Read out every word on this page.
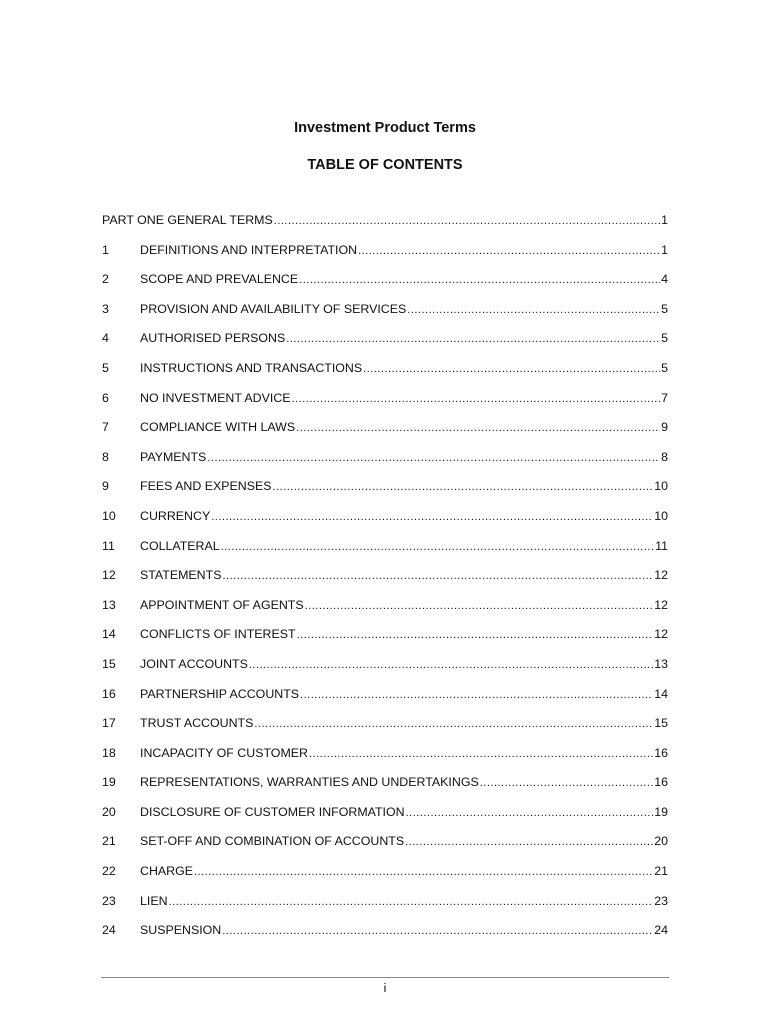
Investment Product Terms
TABLE OF CONTENTS
PART ONE GENERAL TERMS .....	1
1	DEFINITIONS AND INTERPRETATION .....	1
2	SCOPE AND PREVALENCE .....	4
3	PROVISION AND AVAILABILITY OF SERVICES .....	5
4	AUTHORISED PERSONS .....	5
5	INSTRUCTIONS AND TRANSACTIONS .....	5
6	NO INVESTMENT ADVICE .....	7
7	COMPLIANCE WITH LAWS .....	9
8	PAYMENTS .....	8
9	FEES AND EXPENSES .....	10
10	CURRENCY .....	10
11	COLLATERAL .....	11
12	STATEMENTS .....	12
13	APPOINTMENT OF AGENTS .....	12
14	CONFLICTS OF INTEREST .....	12
15	JOINT ACCOUNTS .....	13
16	PARTNERSHIP ACCOUNTS .....	14
17	TRUST ACCOUNTS .....	15
18	INCAPACITY OF CUSTOMER .....	16
19	REPRESENTATIONS, WARRANTIES AND UNDERTAKINGS .....	16
20	DISCLOSURE OF CUSTOMER INFORMATION .....	19
21	SET-OFF AND COMBINATION OF ACCOUNTS .....	20
22	CHARGE .....	21
23	LIEN .....	23
24	SUSPENSION .....	24
i
